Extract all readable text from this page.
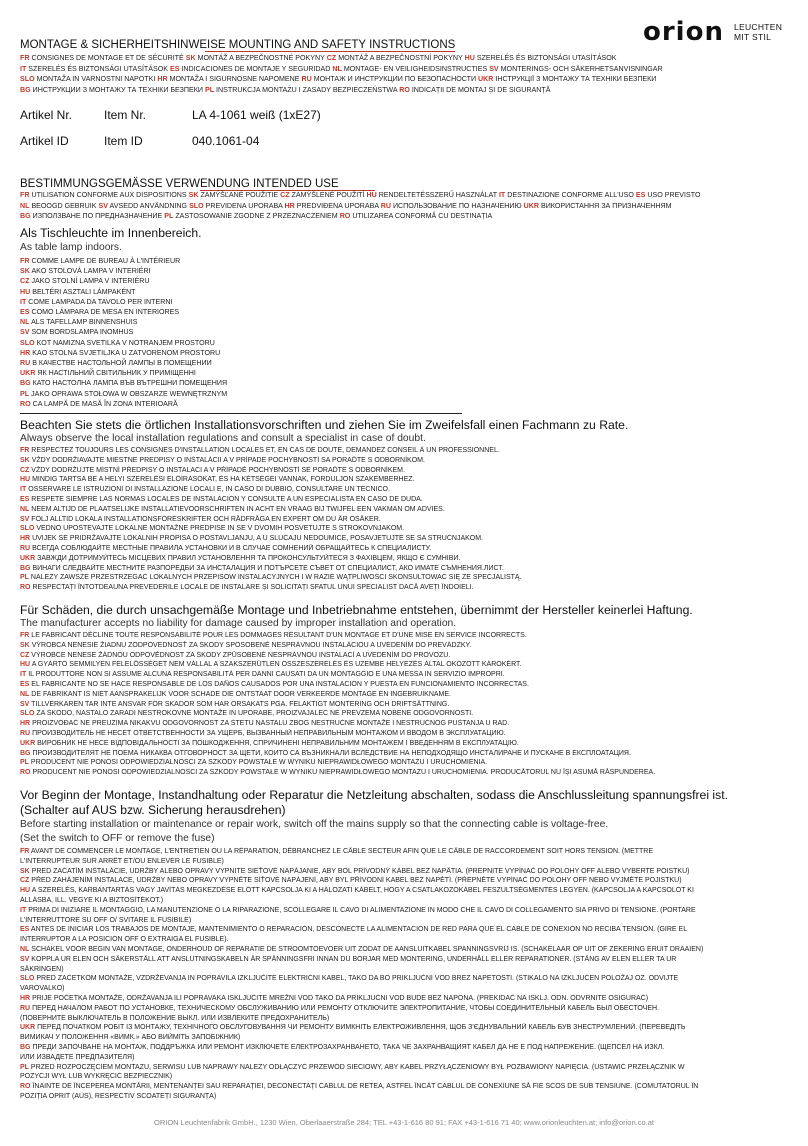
orion LEUCHTEN
MIT STIL
MONTAGE & SICHERHEITSHINWEISE MOUNTING AND SAFETY INSTRUCTIONS
FR CONSIGNES DE MONTAGE ET DE SÉCURITÉ SK MONTÁŽ A BEZPEČNOSTNÉ POKYNY CZ MONTÁŽ A BEZPEČNOSTNÍ POKYNY HU SZERELÉS ÉS BIZTONSÁGI UTASÍTÁSOK
IT SZERELÉS ÉS BIZTONSÁGI UTASÍTÁSOK ES INDICACIONES DE MONTAJE Y SEGURIDAD NL MONTAGE- EN VEILIGHEIDSINSTRUCTIES SV MONTERINGS- OCH SÄKERHETSANVISNINGAR
SLO MONTAŽA IN VARNOSTNI NAPOTKI HR MONTAŽA I SIGURNOSNE NAPOMENE RU МОНТАЖ И ИНСТРУКЦИИ ПО БЕЗОПАСНОСТИ UKR ІНСТРУКЦІЇ З МОНТАЖУ ТА ТЕХНІКИ БЕЗПЕКИ
BG ИНСТРУКЦИИ З МОНТАЖУ ТА ТЕХНІКИ БЕЗПЕКИ PL INSTRUKCJA MONTAŻU I ZASADY BEZPIECZEŃSTWA RO INDICAȚII DE MONTAJ ȘI DE SIGURANȚĂ
Artikel Nr.	Item Nr.	LA 4-1061 weiß (1xE27)
Artikel ID	Item ID	040.1061-04
BESTIMMUNGSGEMÄSSE VERWENDUNG INTENDED USE
FR UTILISATION CONFORME AUX DISPOSITIONS SK ZAMÝŠĽANÉ POUŽITIE CZ ZAMÝŠLENÉ POUŽITÍ HU RENDELTETÉSSZERŰ HASZNÁLAT IT DESTINAZIONE CONFORME ALL'USO ES USO PREVISTO
NL BEOOGD GEBRUIK SV AVSEDD ANVÄNDNING SLO PREVIDENA UPORABA HR PREDVIĐENA UPORABA RU ИСПОЛЬЗОВАНИЕ ПО НАЗНАЧЕНИЮ UKR ВИКОРИСТАННЯ ЗА ПРИЗНАЧЕННЯМ
BG ИЗПОЛЗВАНЕ ПО ПРЕДНАЗНАЧЕНИЕ PL ZASTOSOWANIE ZGODNE Z PRZEZNACZENIEM RO UTILIZAREA CONFORMĂ CU DESTINAȚIA
Als Tischleuchte im Innenbereich.
As table lamp indoors.
FR COMME LAMPE DE BUREAU À L'INTÉRIEUR
SK AKO STOLOVÁ LAMPA V INTERIÉRI
CZ JAKO STOLNÍ LAMPA V INTERIÉRU
HU BELTÉRI ASZTALI LÁMPAKÉNT
IT COME LAMPADA DA TAVOLO PER INTERNI
ES COMO LÁMPARA DE MESA EN INTERIORES
NL ALS TAFELLAMP BINNENSHUIS
SV SOM BORDSLAMPA INOMHUS
SLO KOT NAMIZNA SVETILKA V NOTRANJEM PROSTORU
HR KAO STOLNA SVJETILJKA U ZATVORENOM PROSTORU
RU В КАЧЕСТВЕ НАСТОЛЬНОЙ ЛАМПЫ В ПОМЕЩЕНИИ
UKR ЯК НАСТІЛЬНИЙ СВІТИЛЬНИК У ПРИМІЩЕННІ
BG КАТО НАСТОЛНА ЛАМПА ВЪВ ВЪТРЕШНИ ПОМЕЩЕНИЯ
PL JAKO OPRAWA STOŁOWA W OBSZARZE WEWNĘTRZNYM
RO CA LAMPĂ DE MASĂ ÎN ZONA INTERIOARĂ
Beachten Sie stets die örtlichen Installationsvorschriften und ziehen Sie im Zweifelsfall einen Fachmann zu Rate.
Always observe the local installation regulations and consult a specialist in case of doubt.
FR RESPECTEZ TOUJOURS LES CONSIGNES D'INSTALLATION LOCALES ET, EN CAS DE DOUTE, DEMANDEZ CONSEIL À UN PROFESSIONNEL.
SK VŽDY DODRŽIAVAJTE MIESTNE PREDPISY O INŠTALÁCII A V PRÍPADE POCHYBNOSTÍ SA PORAĎTE S ODBORNÍKOM.
CZ VŽDY DODRŽUJTE MÍSTNÍ PŘEDPISY O INSTALACI A V PŘÍPADĚ POCHYBNOSTÍ SE PORAĎTE S ODBORNÍKEM.
HU MINDIG TARTSA BE A HELYI SZERELÉSI ELŐÍRÁSOKAT, ÉS HA KÉTSÉGEI VANNAK, FORDULJON SZAKEMBERHEZ.
IT OSSERVARE LE ISTRUZIONI DI INSTALLAZIONE LOCALI E, IN CASO DI DUBBIO, CONSULTARE UN TECNICO.
ES RESPETE SIEMPRE LAS NORMAS LOCALES DE INSTALACIÓN Y CONSULTE A UN ESPECIALISTA EN CASO DE DUDA.
NL NEEM ALTIJD DE PLAATSELIJKE INSTALLATIEVOORSCHRIFTEN IN ACHT EN VRAAG BIJ TWIJFEL EEN VAKMAN OM ADVIES.
SV FÖLJ ALLTID LOKALA INSTALLATIONSFÖRESKRIFTER OCH RÅDFRÅGA EN EXPERT OM DU ÄR OSÄKER.
SLO VEDNO UPOŠTEVAJTE LOKALNE MONTAŽNE PREDPISE IN SE V DVOMIH POSVETUJTE S STROKOVNJAKOM.
HR UVIJEK SE PRIDRŽAVAJTE LOKALNIH PROPISA O POSTAVLJANJU, A U SLUČAJU NEDOUMICE, POSAVJETUJTE SE SA STRUČNJAKOM.
RU ВСЕГДА СОБЛЮДАЙТЕ МЕСТНЫЕ ПРАВИЛА УСТАНОВКИ И В СЛУЧАЕ СОМНЕНИЙ ОБРАЩАЙТЕСЬ К СПЕЦИАЛИСТУ.
UKR ЗАВЖДИ ДОТРИМУЙТЕСЬ МІСЦЕВИХ ПРАВИЛ УСТАНОВЛЕННЯ ТА ПРОКОНСУЛЬТУЙТЕСЯ З ФАХІВЦЕМ, ЯКЩО Є СУМНІВИ.
BG ВИНАГИ СЛЕДВАЙТЕ МЕСТНИТЕ РАЗПОРЕДБИ ЗА ИНСТАЛАЦИЯ И ПОТЪРСЕТЕ СЪВЕТ ОТ СПЕЦИАЛИСТ, АКО ИМАТЕ СЪМНЕНИЯ.ЛИСТ.
PL NALEŻY ZAWSZE PRZESTRZEGAĆ LOKALNYCH PRZEPISÓW INSTALACYJNYCH I W RAZIE WĄTPLIWOŚCI SKONSULTOWAĆ SIĘ ZE SPECJALISTĄ.
RO RESPECTAȚI ÎNTOTDEAUNA PREVEDERILE LOCALE DE INSTALARE ȘI SOLICITAȚI SFATUL UNUI SPECIALIST DACĂ AVEȚI ÎNDOIELI.
Für Schäden, die durch unsachgemäße Montage und Inbetriebnahme entstehen, übernimmt der Hersteller keinerlei Haftung.
The manufacturer accepts no liability for damage caused by improper installation and operation.
FR LE FABRICANT DÉCLINE TOUTE RESPONSABILITÉ POUR LES DOMMAGES RÉSULTANT D'UN MONTAGE ET D'UNE MISE EN SERVICE INCORRECTS.
SK VÝROBCA NENESIE ŽIADNU ZODPOVEDNOSŤ ZA ŠKODY SPÔSOBENÉ NESPRÁVNOU INŠTALÁCIOU A UVEDENÍM DO PREVÁDZKY.
CZ VÝROBCE NENESE ŽÁDNOU ODPOVĚDNOST ZA ŠKODY ZPŮSOBENÉ NESPRÁVNOU INSTALACÍ A UVEDENÍM DO PROVOZU.
HU A GYÁRTÓ SEMMILYEN FELELŐSSÉGET NEM VÁLLAL A SZAKSZERŰTLEN ÖSSZESZERELÉS ÉS ÜZEMBE HELYEZÉS ÁLTAL OKOZOTT KÁROKÉRT.
IT IL PRODUTTORE NON SI ASSUME ALCUNA RESPONSABILITÀ PER DANNI CAUSATI DA UN MONTAGGIO E UNA MESSA IN SERVIZIO IMPROPRI.
ES EL FABRICANTE NO SE HACE RESPONSABLE DE LOS DAÑOS CAUSADOS POR UNA INSTALACIÓN Y PUESTA EN FUNCIONAMIENTO INCORRECTAS.
NL DE FABRIKANT IS NIET AANSPRAKELIJK VOOR SCHADE DIE ONTSTAAT DOOR VERKEERDE MONTAGE EN INGEBRUIKNAME.
SV TILLVERKAREN TAR INTE ANSVAR FÖR SKADOR SOM HAR ORSAKATS PGA. FELAKTIGT MONTERING OCH DRIFTSÄTTNING.
SLO ZA ŠKODO, NASTALO ZARADI NESTROKOVNE MONTAŽE IN UPORABE, PROIZVAJALEC NE PREVZEMA NOBENE ODGOVORNOSTI.
HR PROIZVOĐAČ NE PREUZIMA NIKAKVU ODGOVORNOST ZA ŠTETU NASTALU ZBOG NESTRUČNE MONTAŽE I NESTRUČNOG PUŠTANJA U RAD.
RU ПРОИЗВОДИТЕЛЬ НЕ НЕСЕТ ОТВЕТСТВЕННОСТИ ЗА УЩЕРБ, ВЫЗВАННЫЙ НЕПРАВИЛЬНЫМ МОНТАЖОМ И ВВОДОМ В ЭКСПЛУАТАЦИЮ.
UKR ВИРОБНИК НЕ НЕСЕ ВІДПОВІДАЛЬНОСТІ ЗА ПОШКОДЖЕННЯ, СПРИЧИНЕНІ НЕПРАВИЛЬНИМ МОНТАЖЕМ І ВВЕДЕННЯМ В ЕКСПЛУАТАЦІЮ.
BG ПРОИЗВОДИТЕЛЯТ НЕ ПОЕМА НИКАКВА ОТГОВОРНОСТ ЗА ЩЕТИ, КОИТО СА ВЪЗНИКНАЛИ ВСЛЕДСТВИЕ НА НЕПОДХОДЯЩО ИНСТАЛИРАНЕ И ПУСКАНЕ В ЕКСПЛОАТАЦИЯ.
PL PRODUCENT NIE PONOSI ODPOWIEDZIALNOŚCI ZA SZKODY POWSTAŁE W WYNIKU NIEPRAWIDŁOWEGO MONTAŻU I URUCHOMIENIA.
RO PRODUCENT NIE PONOSI ODPOWIEDZIALNOŚCI ZA SZKODY POWSTAŁE W WYNIKU NIEPRAWIDŁOWEGO MONTAŻU I URUCHOMIENIA. PRODUCĂTORUL NU ÎȘI ASUMĂ RĂSPUNDEREA.
Vor Beginn der Montage, Instandhaltung oder Reparatur die Netzleitung abschalten, sodass die Anschlussleitung spannungsfrei ist.
(Schalter auf AUS bzw. Sicherung herausdrehen)
Before starting installation or maintenance or repair work, switch off the mains supply so that the connecting cable is voltage-free.
(Set the switch to OFF or remove the fuse)
FR AVANT DE COMMENCER LE MONTAGE, L'ENTRETIEN OU LA RÉPARATION, DÉBRANCHEZ LE CÂBLE SECTEUR AFIN QUE LE CÂBLE DE RACCORDEMENT SOIT HORS TENSION. (METTRE
L'INTERRUPTEUR SUR ARRÊT ET/OU ENLEVER LE FUSIBLE)
SK PRED ZAČATÍM INŠTALÁCIE, ÚDRŽBY ALEBO OPRAVY VYPNITE SIEŤOVÉ NAPÁJANIE, ABY BOL PRÍVODNÝ KÁBEL BEZ NAPÄTIA. (PREPNITE VYPÍNAČ DO POLOHY OFF ALEBO VYBERTE POISTKU)
CZ PŘED ZAHÁJENÍM INSTALACE, ÚDRŽBY NEBO OPRAVY VYPNĚTE SÍŤOVÉ NAPÁJENÍ, ABY BYL PŘÍVODNÍ KABEL BEZ NAPĚTÍ. (PŘEPNĚTE VYPÍNAČ DO POLOHY OFF NEBO VYJMĚTE POJISTKU)
HU A SZERELÉS, KARBANTARTÁS VAGY JAVÍTÁS MEGKEZDÉSE ELŐTT KAPCSOLJA KI A HÁLÓZATI KÁBELT, HOGY A CSATLAKOZÓKÁBEL FESZÜLTSÉGMENTES LEGYEN. (KAPCSOLJA A KAPCSOLÓT KI
ÁLLÁSBA, ILL. VEGYE KI A BIZTOSÍTÉKOT.)
IT PRIMA DI INIZIARE IL MONTAGGIO, LA MANUTENZIONE O LA RIPARAZIONE, SCOLLEGARE IL CAVO DI ALIMENTAZIONE IN MODO CHE IL CAVO DI COLLEGAMENTO SIA PRIVO DI TENSIONE. (PORTARE
L'INTERRUTTORE SU OFF O/ SVITARE IL FUSIBILE)
ES ANTES DE INICIAR LOS TRABAJOS DE MONTAJE, MANTENIMIENTO O REPARACIÓN, DESCONECTE LA ALIMENTACIÓN DE RED PARA QUE EL CABLE DE CONEXIÓN NO RECIBA TENSIÓN. (GIRE EL
INTERRUPTOR A LA POSICIÓN OFF O EXTRAIGA EL FUSIBLE).
NL SCHAKEL VÓÓR BEGIN VAN MONTAGE, ONDERHOUD OF REPARATIE DE STROOMTOEVOER UIT ZODAT DE AANSLUITKABEL SPANNINGSVRIJ IS. (SCHAKELAAR OP UIT OF ZEKERING ERUIT DRAAIEN)
SV KOPPLA UR ELEN OCH SÄKERSTÄLL ATT ANSLUTNINGSKABELN ÄR SPÄNNINGSFRI INNAN DU BÖRJAR MED MONTERING, UNDERHÅLL ELLER REPARATIONER. (STÄNG AV ELEN ELLER TA UR
SÄKRINGEN)
SLO PRED ZAČETKOM MONTAŽE, VZDRŽEVANJA IN POPRAVILA IZKLJUČITE ELEKTRIČNI KABEL, TAKO DA BO PRIKLJUČNI VOD BREZ NAPETOSTI. (STIKALO NA IZKLJUČEN POLOŽAJ OZ. ODVIJTE
VAROVALKO)
HR PRIJE POČETKA MONTAŽE, ODRŽAVANJA ILI POPRAVAKA ISKLJUČITE MREŽNI VOD TAKO DA PRIKLJUČNI VOD BUDE BEZ NAPONA. (PREKIDAČ NA ISKLJ. ODN. ODVRNITE OSIGURAČ)
RU ПЕРЕД НАЧАЛОМ РАБОТ ПО УСТАНОВКЕ, ТЕХНИЧЕСКОМУ ОБСЛУЖИВАНИЮ ИЛИ РЕМОНТУ ОТКЛЮЧИТЕ ЭЛЕКТРОПИТАНИЕ, ЧТОБЫ СОЕДИНИТЕЛЬНЫЙ КАБЕЛЬ БЫЛ ОБЕСТОЧЕН.
(ПОВЕРНИТЕ ВЫКЛЮЧАТЕЛЬ В ПОЛОЖЕНИЕ ВЫКЛ. ИЛИ ИЗВЛЕКИТЕ ПРЕДОХРАНИТЕЛЬ)
UKR ПЕРЕД ПОЧАТКОМ РОБІТ ІЗ МОНТАЖУ, ТЕХНІЧНОГО ОБСЛУГОВУВАННЯ ЧИ РЕМОНТУ ВИМКНІТЬ ЕЛЕКТРОЖИВЛЕННЯ, ЩОБ З'ЄДНУВАЛЬНИЙ КАБЕЛЬ БУВ ЗНЕСТРУМЛЕНИЙ. (ПЕРЕВЕДІТЬ
ВИМИКАЧ У ПОЛОЖЕННЯ «ВИМК.» АБО ВИЙМІТЬ ЗАПОБІЖНИК)
BG ПРЕДИ ЗАПОЧВАНЕ НА МОНТАЖ, ПОДДРЪЖКА ИЛИ РЕМОНТ ИЗКЛЮЧЕТЕ ЕЛЕКТРОЗАХРАНВАНЕТО, ТАКА ЧЕ ЗАХРАНВАЩИЯТ КАБЕЛ ДА НЕ Е ПОД НАПРЕЖЕНИЕ. (ЩЕПСЕЛ НА ИЗКЛ.
ИЛИ ИЗВАДЕТЕ ПРЕДПАЗИТЕЛЯ)
PL PRZED ROZPOCZĘCIEM MONTAŻU, SERWISU LUB NAPRAWY NALEŻY ODŁĄCZYĆ PRZEWÓD SIECIOWY, ABY KABEL PRZYŁĄCZENIOWY BYŁ POZBAWIONY NAPIĘCIA. (USTAWIĆ PRZEŁĄCZNIK W
POZYCJI WYŁ LUB WYKRĘCIĆ BEZPIECZNIK)
RO ÎNAINTE DE ÎNCEPEREA MONTĂRII, MENTENANȚEI SAU REPARAȚIEI, DECONECTAȚI CABLUL DE RETEA, ASTFEL ÎNCÂT CABLUL DE CONEXIUNE SĂ FIE SCOS DE SUB TENSIUNE. (COMUTATORUL ÎN
POZIȚIA OPRIT (AUS), RESPECTIV SCOATEȚI SIGURANȚA)
ORION Leuchtenfabrik GmbH., 1230 Wien, Oberlaaerstraße 284; TEL +43-1-616 80 91; FAX +43-1-616 71 40; www.orionleuchten.at; info@orion.co.at
